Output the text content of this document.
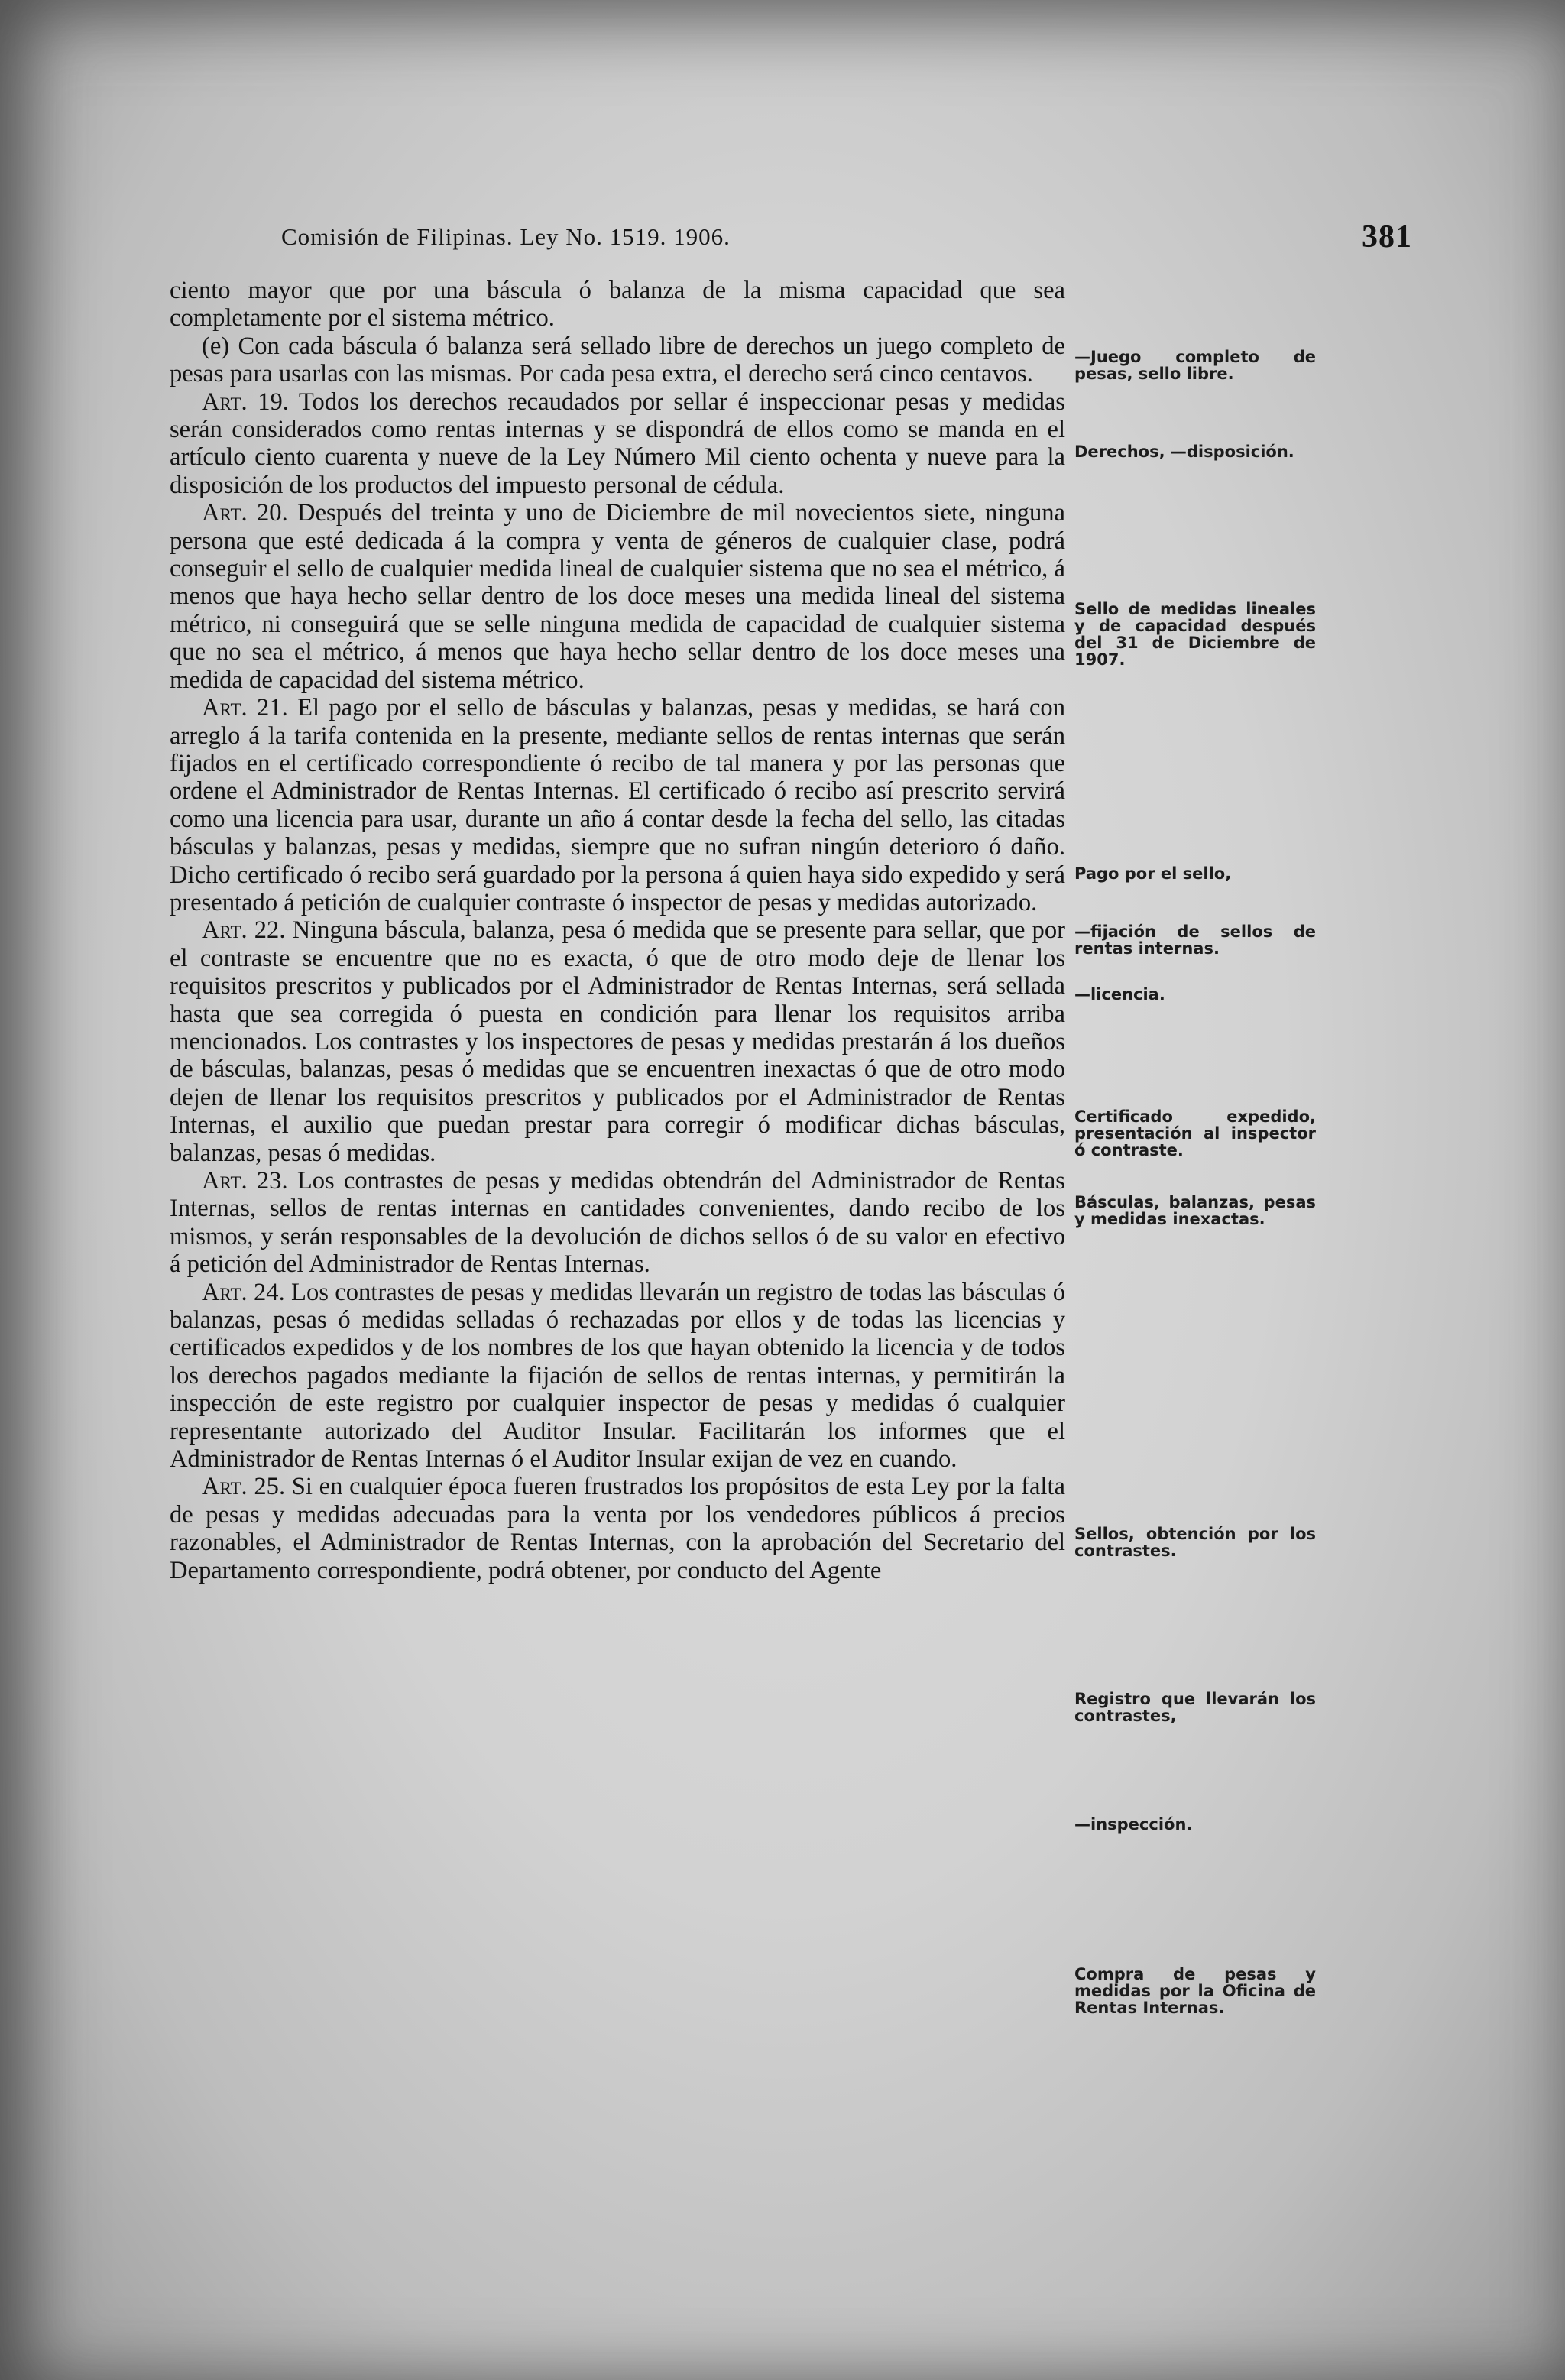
Comisión de Filipinas. Ley No. 1519. 1906.	381

ciento mayor que por una báscula ó balanza de la misma capacidad que sea completamente por el sistema métrico.

(e) Con cada báscula ó balanza será sellado libre de derechos un juego completo de pesas para usarlas con las mismas. Por cada pesa extra, el derecho será cinco centavos.

Art. 19. Todos los derechos recaudados por sellar é inspeccionar pesas y medidas serán considerados como rentas internas y se dispondrá de ellos como se manda en el artículo ciento cuarenta y nueve de la Ley Número Mil ciento ochenta y nueve para la disposición de los productos del impuesto personal de cédula.

Art. 20. Después del treinta y uno de Diciembre de mil novecientos siete, ninguna persona que esté dedicada á la compra y venta de géneros de cualquier clase, podrá conseguir el sello de cualquier medida lineal de cualquier sistema que no sea el métrico, á menos que haya hecho sellar dentro de los doce meses una medida lineal del sistema métrico, ni conseguirá que se selle ninguna medida de capacidad de cualquier sistema que no sea el métrico, á menos que haya hecho sellar dentro de los doce meses una medida de capacidad del sistema métrico.

Art. 21. El pago por el sello de básculas y balanzas, pesas y medidas, se hará con arreglo á la tarifa contenida en la presente, mediante sellos de rentas internas que serán fijados en el certificado correspondiente ó recibo de tal manera y por las personas que ordene el Administrador de Rentas Internas. El certificado ó recibo así prescrito servirá como una licencia para usar, durante un año á contar desde la fecha del sello, las citadas básculas y balanzas, pesas y medidas, siempre que no sufran ningún deterioro ó daño. Dicho certificado ó recibo será guardado por la persona á quien haya sido expedido y será presentado á petición de cualquier contraste ó inspector de pesas y medidas autorizado.

Art. 22. Ninguna báscula, balanza, pesa ó medida que se presente para sellar, que por el contraste se encuentre que no es exacta, ó que de otro modo deje de llenar los requisitos prescritos y publicados por el Administrador de Rentas Internas, será sellada hasta que sea corregida ó puesta en condición para llenar los requisitos arriba mencionados. Los contrastes y los inspectores de pesas y medidas prestarán á los dueños de básculas, balanzas, pesas ó medidas que se encuentren inexactas ó que de otro modo dejen de llenar los requisitos prescritos y publicados por el Administrador de Rentas Internas, el auxilio que puedan prestar para corregir ó modificar dichas básculas, balanzas, pesas ó medidas.

Art. 23. Los contrastes de pesas y medidas obtendrán del Administrador de Rentas Internas, sellos de rentas internas en cantidades convenientes, dando recibo de los mismos, y serán responsables de la devolución de dichos sellos ó de su valor en efectivo á petición del Administrador de Rentas Internas.

Art. 24. Los contrastes de pesas y medidas llevarán un registro de todas las básculas ó balanzas, pesas ó medidas selladas ó rechazadas por ellos y de todas las licencias y certificados expedidos y de los nombres de los que hayan obtenido la licencia y de todos los derechos pagados mediante la fijación de sellos de rentas internas, y permitirán la inspección de este registro por cualquier inspector de pesas y medidas ó cualquier representante autorizado del Auditor Insular. Facilitarán los informes que el Administrador de Rentas Internas ó el Auditor Insular exijan de vez en cuando.

Art. 25. Si en cualquier época fueren frustrados los propósitos de esta Ley por la falta de pesas y medidas adecuadas para la venta por los vendedores públicos á precios razonables, el Administrador de Rentas Internas, con la aprobación del Secretario del Departamento correspondiente, podrá obtener, por conducto del Agente

—Juego completo de pesas, sello libre.
Derechos, —disposición.
Sello de medidas lineales y de capacidad después del 31 de Diciembre de 1907.
Pago por el sello,
—fijación de sellos de rentas internas.
—licencia.
Certificado expedido, presentación al inspector ó contraste.
Básculas, balanzas, pesas y medidas inexactas.
Sellos, obtención por los contrastes.
Registro que llevarán los contrastes,
—inspección.
Compra de pesas y medidas por la Oficina de Rentas Internas.
